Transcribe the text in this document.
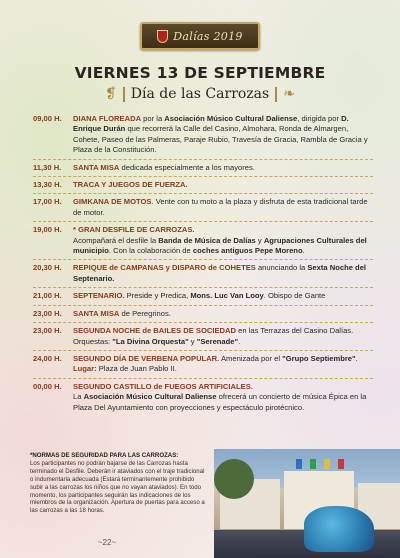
Dalías 2019
VIERNES 13 DE SEPTIEMBRE
❡ Día de las Carrozas ❧
09,00 H.	DIANA FLOREADA por la Asociación Músico Cultural Daliense, dirigida por D. Enrique Durán que recorrerá la Calle del Casino, Almohara, Ronda de Almargen, Cohete, Paseo de las Palmeras, Paraje Rubio, Travesía de Gracia, Rambla de Gracia y Plaza de la Constitución.
11,30 H.	SANTA MISA dedicada especialmente a los mayores.
13,30 H.	TRACA Y JUEGOS DE FUERZA.
17,00 H.	GIMKANA DE MOTOS. Vente con tu moto a la plaza y disfruta de esta tradicional tarde de motor.
19,00 H.	* GRAN DESFILE DE CARROZAS.
Acompañará el desfile la Banda de Música de Dalías y Agrupaciones Culturales del municipio. Con la colaboración de coches antiguos Pepe Moreno.
20,30 H.	REPIQUE de CAMPANAS y DISPARO de COHETES anunciando la Sexta Noche del Septenario.
21,00 H.	SEPTENARIO. Preside y Predica, Mons. Luc Van Looy. Obispo de Gante
23,00 H.	SANTA MISA de Peregrinos.
23,00 H.	SEGUNDA NOCHE de BAILES DE SOCIEDAD en las Terrazas del Casino Dalías. Orquestas: "La Divina Orquesta" y "Serenade".
24,00 H.	SEGUNDO DÍA DE VERBENA POPULAR. Amenizada por el "Grupo Septiembre".
Lugar: Plaza de Juan Pablo II.
00,00 H.	SEGUNDO CASTILLO de FUEGOS ARTIFICIALES.
La Asociación Músico Cultural Daliense ofrecerá un concierto de música Épica en la Plaza Del Ayuntamiento con proyecciones y espectáculo pirotécnico.
*NORMAS DE SEGURIDAD PARA LAS CARROZAS:
Los participantes no podrán bajarse de las Carrozas hasta terminado el Desfile. Deberán ir ataviados con el traje tradicional o indumentaria adecuada (Estará terminantemente prohibido subir a las carrozas los niños que no vayan ataviados). En todo momento, los participantes seguirán las indicaciones de los miembros de la organización. Apertura de puertas para acceso a las carrozas a las 18 horas.
~22~
